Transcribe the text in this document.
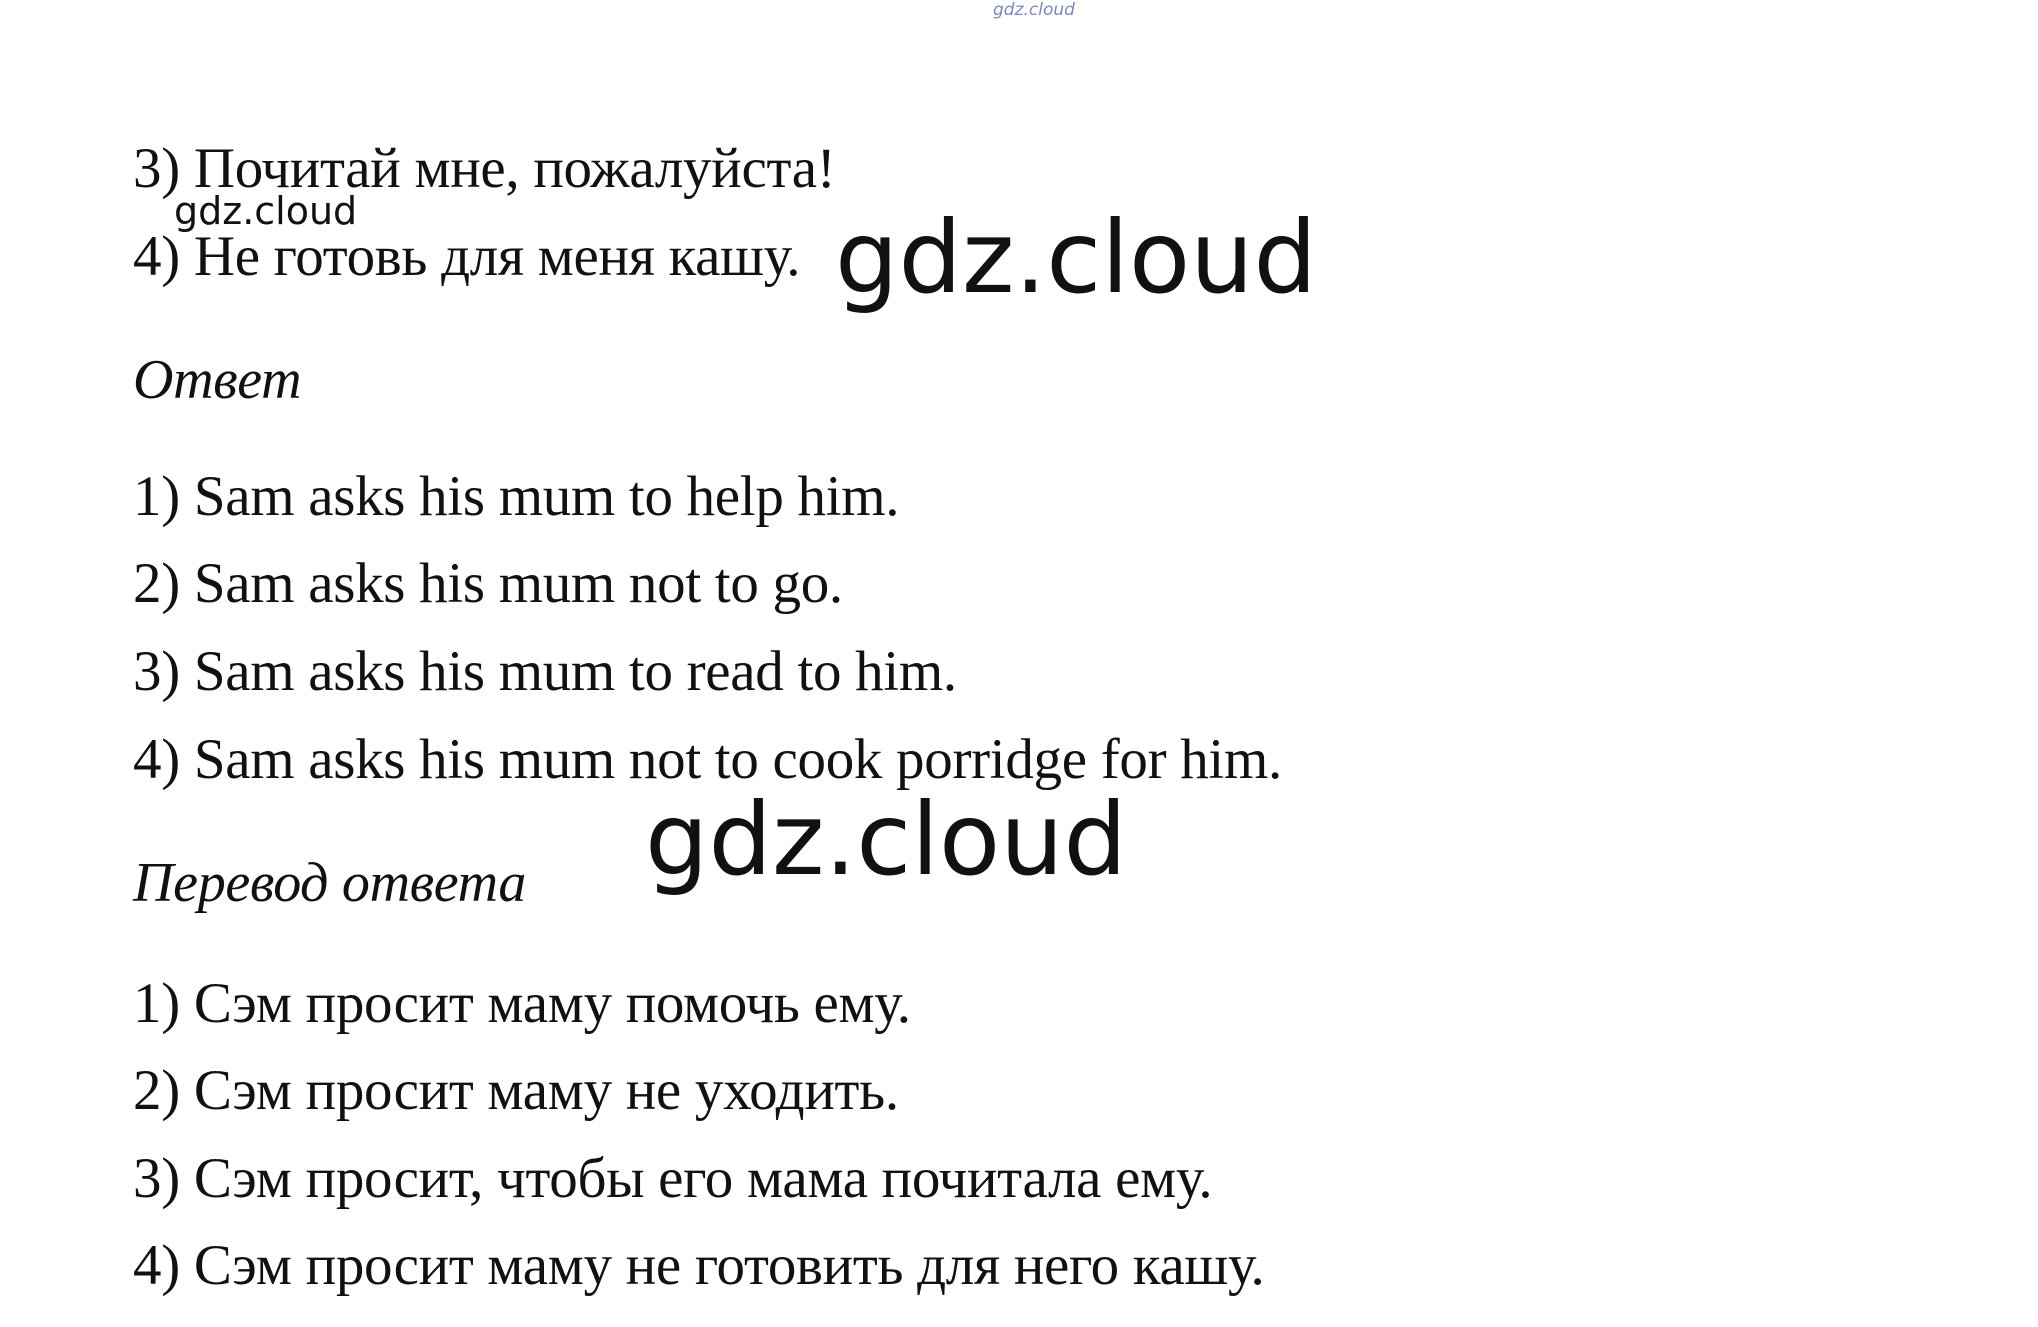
gdz.cloud
3) Почитай мне, пожалуйста!
gdz.cloud
4) Не готовь для меня кашу. gdz.cloud
Ответ
1) Sam asks his mum to help him.
2) Sam asks his mum not to go.
3) Sam asks his mum to read to him.
4) Sam asks his mum not to cook porridge for him.
gdz.cloud
Перевод ответа
1) Сэм просит маму помочь ему.
2) Сэм просит маму не уходить.
3) Сэм просит, чтобы его мама почитала ему.
4) Сэм просит маму не готовить для него кашу.
